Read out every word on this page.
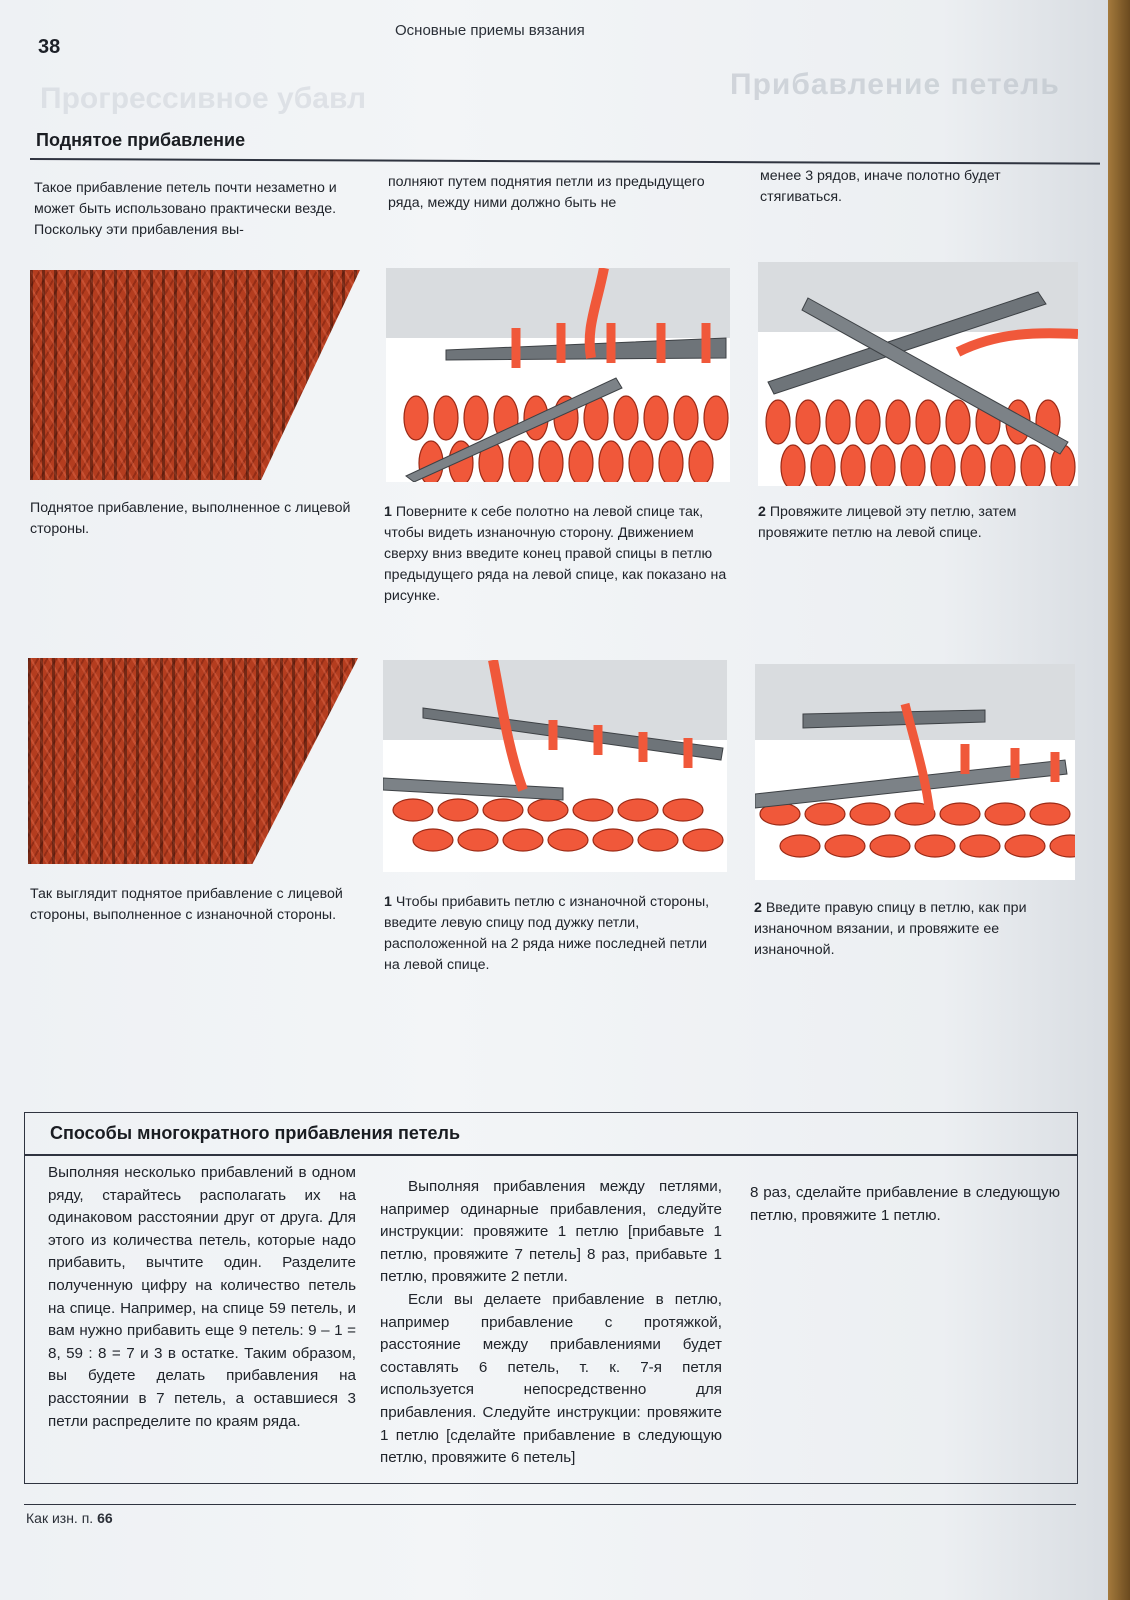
Прогрессивное убавл	Прибавление петель
38
Основные приемы вязания
Поднятое прибавление

Такое прибавление петель почти незаметно и может быть использовано практически везде. Поскольку эти прибавления вы-

полняют путем поднятия петли из предыдущего ряда, между ними должно быть не

менее 3 рядов, иначе полотно будет стягиваться.

Поднятое прибавление, выполненное с лицевой стороны.
1 Поверните к себе полотно на левой спице так, чтобы видеть изнаночную сторону. Движением сверху вниз введите конец правой спицы в петлю предыдущего ряда на левой спице, как показано на рисунке.
2 Провяжите лицевой эту петлю, затем провяжите петлю на левой спице.
Так выглядит поднятое прибавление с лицевой стороны, выполненное с изнаночной стороны.
1 Чтобы прибавить петлю с изнаночной стороны, введите левую спицу под дужку петли, расположенной на 2 ряда ниже последней петли на левой спице.
2 Введите правую спицу в петлю, как при изнаночном вязании, и провяжите ее изнаночной.
Способы многократного прибавления петель

Выполняя несколько прибавлений в одном ряду, старайтесь располагать их на одинаковом расстоянии друг от друга. Для этого из количества петель, которые надо прибавить, вычтите один. Разделите полученную цифру на количество петель на спице. Например, на спице 59 петель, и вам нужно прибавить еще 9 петель: 9 – 1 = 8, 59 : 8 = 7 и 3 в остатке. Таким образом, вы будете делать прибавления на расстоянии в 7 петель, а оставшиеся 3 петли распределите по краям ряда.

Выполняя прибавления между петлями, например одинарные прибавления, следуйте инструкции: провяжите 1 петлю [прибавьте 1 петлю, провяжите 7 петель] 8 раз, прибавьте 1 петлю, провяжите 2 петли.

Если вы делаете прибавление в петлю, например прибавление с протяжкой, расстояние между прибавлениями будет составлять 6 петель, т. к. 7-я петля используется непосредственно для прибавления. Следуйте инструкции: провяжите 1 петлю [сделайте прибавление в следующую петлю, провяжите 6 петель]

8 раз, сделайте прибавление в следующую петлю, провяжите 1 петлю.

Как изн. п. 66
